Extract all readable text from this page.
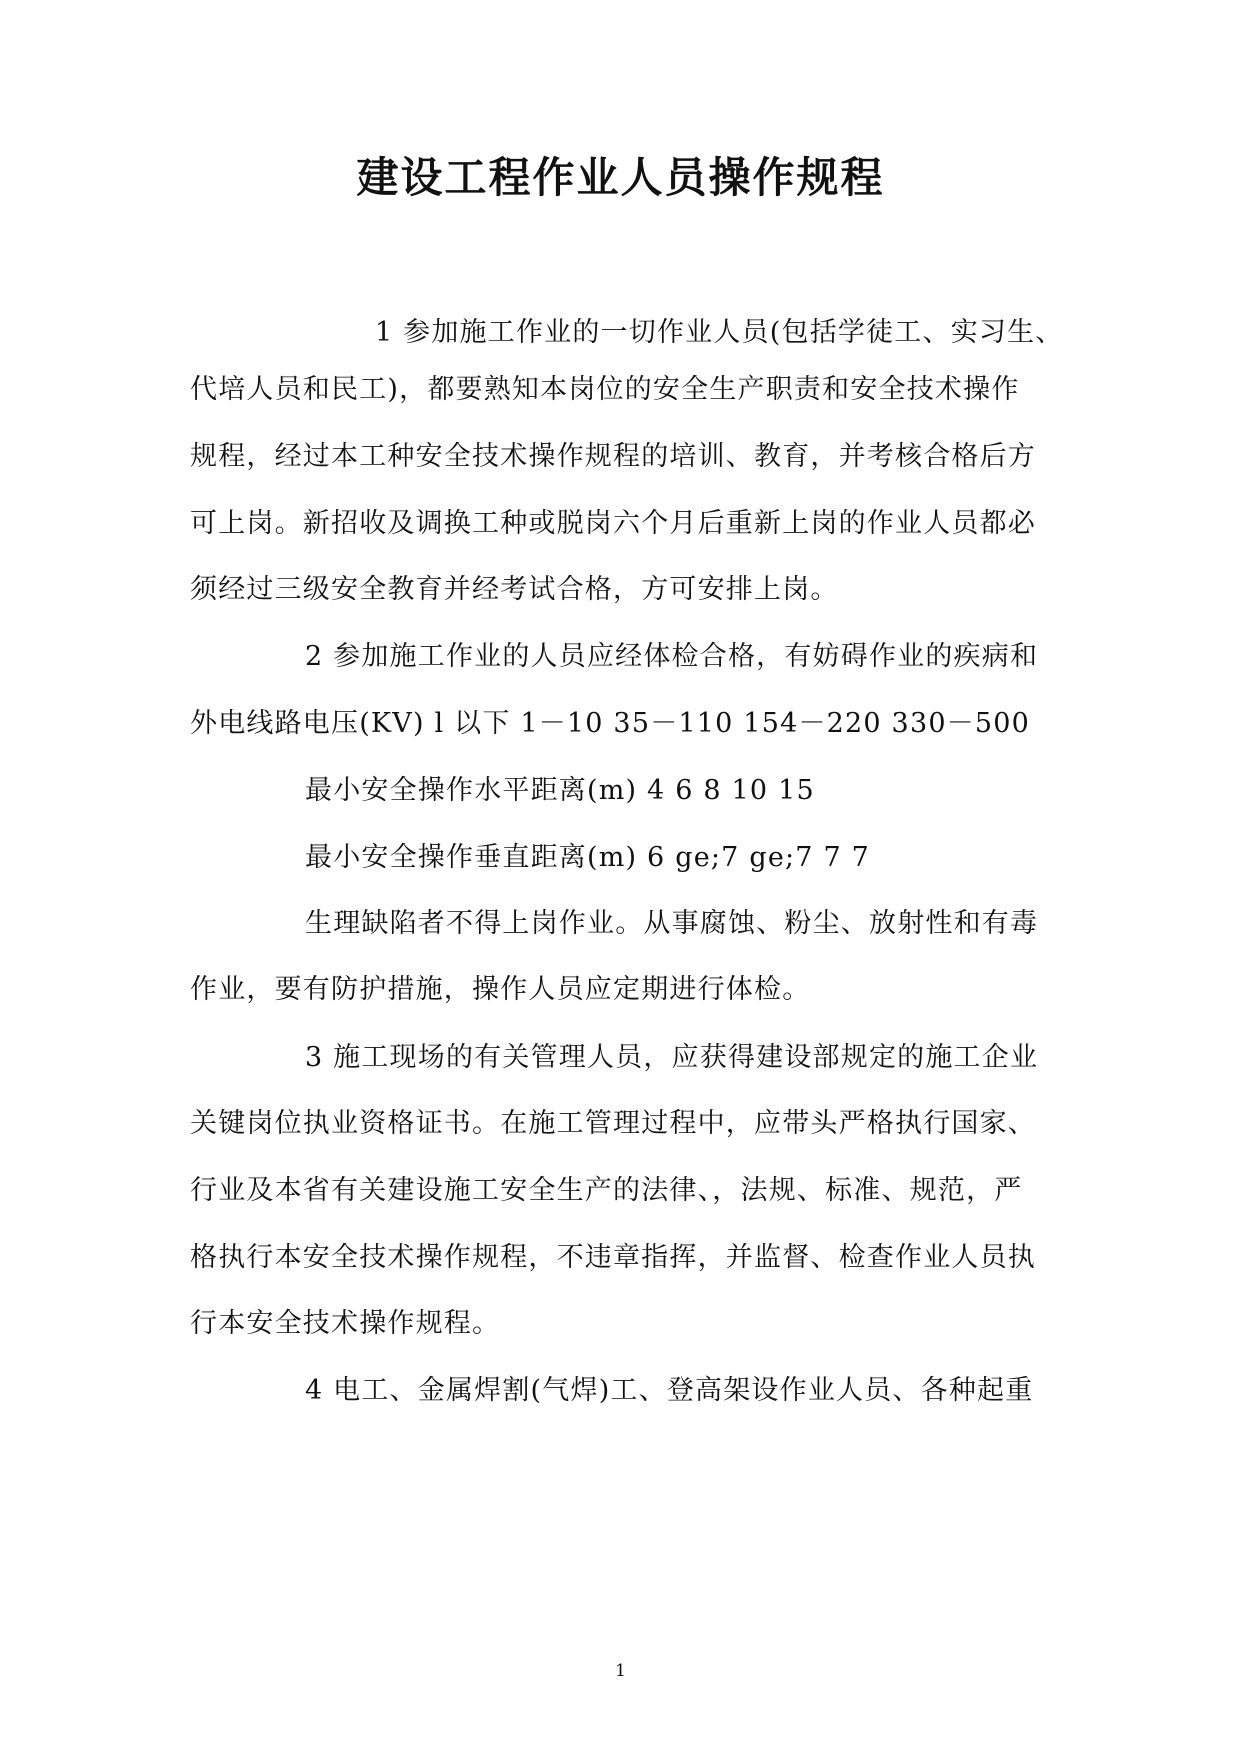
建设工程作业人员操作规程
1 参加施工作业的一切作业人员(包括学徒工、实习生、
代培人员和民工)，都要熟知本岗位的安全生产职责和安全技术操作
规程，经过本工种安全技术操作规程的培训、教育，并考核合格后方
可上岗。新招收及调换工种或脱岗六个月后重新上岗的作业人员都必
须经过三级安全教育并经考试合格，方可安排上岗。
2 参加施工作业的人员应经体检合格，有妨碍作业的疾病和
外电线路电压(KV) l 以下 1－10 35－110 154－220 330－500
最小安全操作水平距离(m) 4 6 8 10 15
最小安全操作垂直距离(m) 6 ge;7 ge;7 7 7
生理缺陷者不得上岗作业。从事腐蚀、粉尘、放射性和有毒
作业，要有防护措施，操作人员应定期进行体检。
3 施工现场的有关管理人员，应获得建设部规定的施工企业
关键岗位执业资格证书。在施工管理过程中，应带头严格执行国家、
行业及本省有关建设施工安全生产的法律、，法规、标准、规范，严
格执行本安全技术操作规程，不违章指挥，并监督、检查作业人员执
行本安全技术操作规程。
4 电工、金属焊割(气焊)工、登高架设作业人员、各种起重
1
